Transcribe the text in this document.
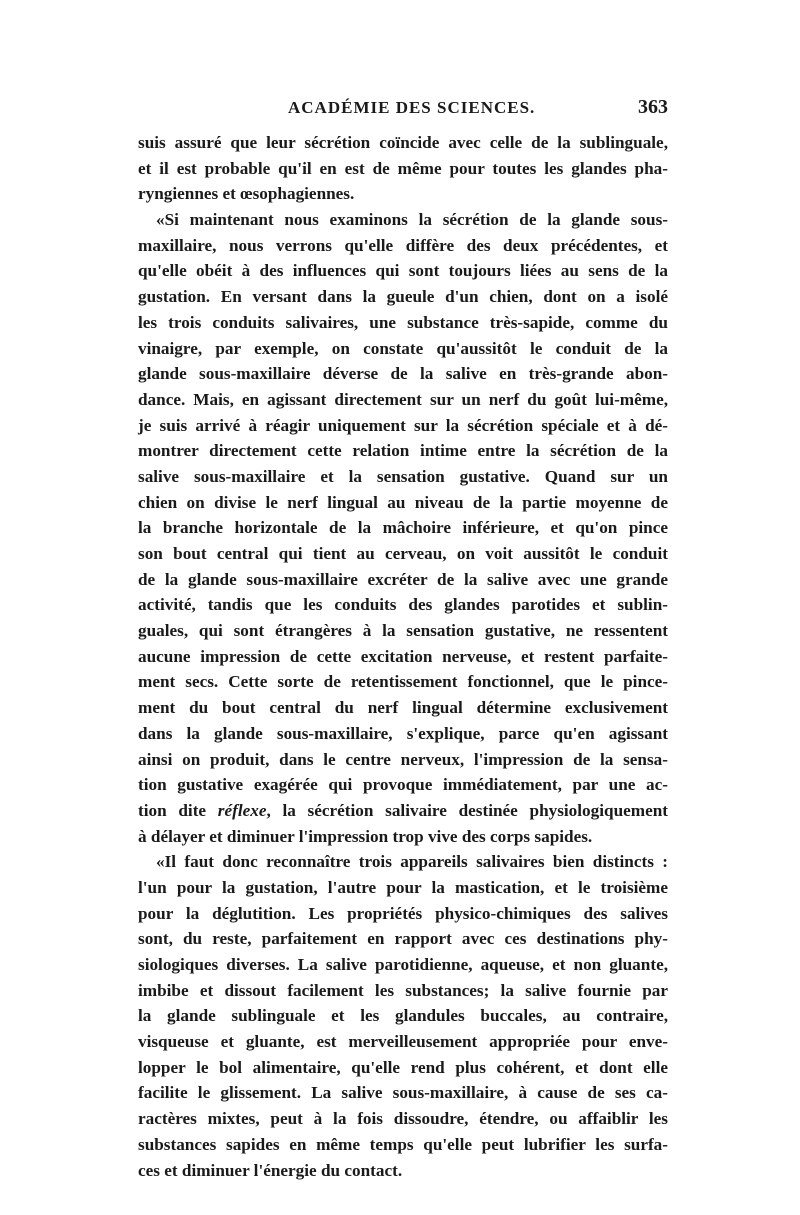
ACADÉMIE DES SCIENCES.	363
suis assuré que leur sécrétion coïncide avec celle de la sublinguale,
et il est probable qu'il en est de même pour toutes les glandes pha-
ryngiennes et œsophagiennes.
«Si maintenant nous examinons la sécrétion de la glande sous-
maxillaire, nous verrons qu'elle diffère des deux précédentes, et
qu'elle obéit à des influences qui sont toujours liées au sens de la
gustation. En versant dans la gueule d'un chien, dont on a isolé
les trois conduits salivaires, une substance très-sapide, comme du
vinaigre, par exemple, on constate qu'aussitôt le conduit de la
glande sous-maxillaire déverse de la salive en très-grande abon-
dance. Mais, en agissant directement sur un nerf du goût lui-même,
je suis arrivé à réagir uniquement sur la sécrétion spéciale et à dé-
montrer directement cette relation intime entre la sécrétion de la
salive sous-maxillaire et la sensation gustative. Quand sur un
chien on divise le nerf lingual au niveau de la partie moyenne de
la branche horizontale de la mâchoire inférieure, et qu'on pince
son bout central qui tient au cerveau, on voit aussitôt le conduit
de la glande sous-maxillaire excréter de la salive avec une grande
activité, tandis que les conduits des glandes parotides et sublin-
guales, qui sont étrangères à la sensation gustative, ne ressentent
aucune impression de cette excitation nerveuse, et restent parfaite-
ment secs. Cette sorte de retentissement fonctionnel, que le pince-
ment du bout central du nerf lingual détermine exclusivement
dans la glande sous-maxillaire, s'explique, parce qu'en agissant
ainsi on produit, dans le centre nerveux, l'impression de la sensa-
tion gustative exagérée qui provoque immédiatement, par une ac-
tion dite réflexe, la sécrétion salivaire destinée physiologiquement
à délayer et diminuer l'impression trop vive des corps sapides.
«Il faut donc reconnaître trois appareils salivaires bien distincts :
l'un pour la gustation, l'autre pour la mastication, et le troisième
pour la déglutition. Les propriétés physico-chimiques des salives
sont, du reste, parfaitement en rapport avec ces destinations phy-
siologiques diverses. La salive parotidienne, aqueuse, et non gluante,
imbibe et dissout facilement les substances; la salive fournie par
la glande sublinguale et les glandules buccales, au contraire,
visqueuse et gluante, est merveilleusement appropriée pour enve-
lopper le bol alimentaire, qu'elle rend plus cohérent, et dont elle
facilite le glissement. La salive sous-maxillaire, à cause de ses ca-
ractères mixtes, peut à la fois dissoudre, étendre, ou affaiblir les
substances sapides en même temps qu'elle peut lubrifier les surfa-
ces et diminuer l'énergie du contact.
